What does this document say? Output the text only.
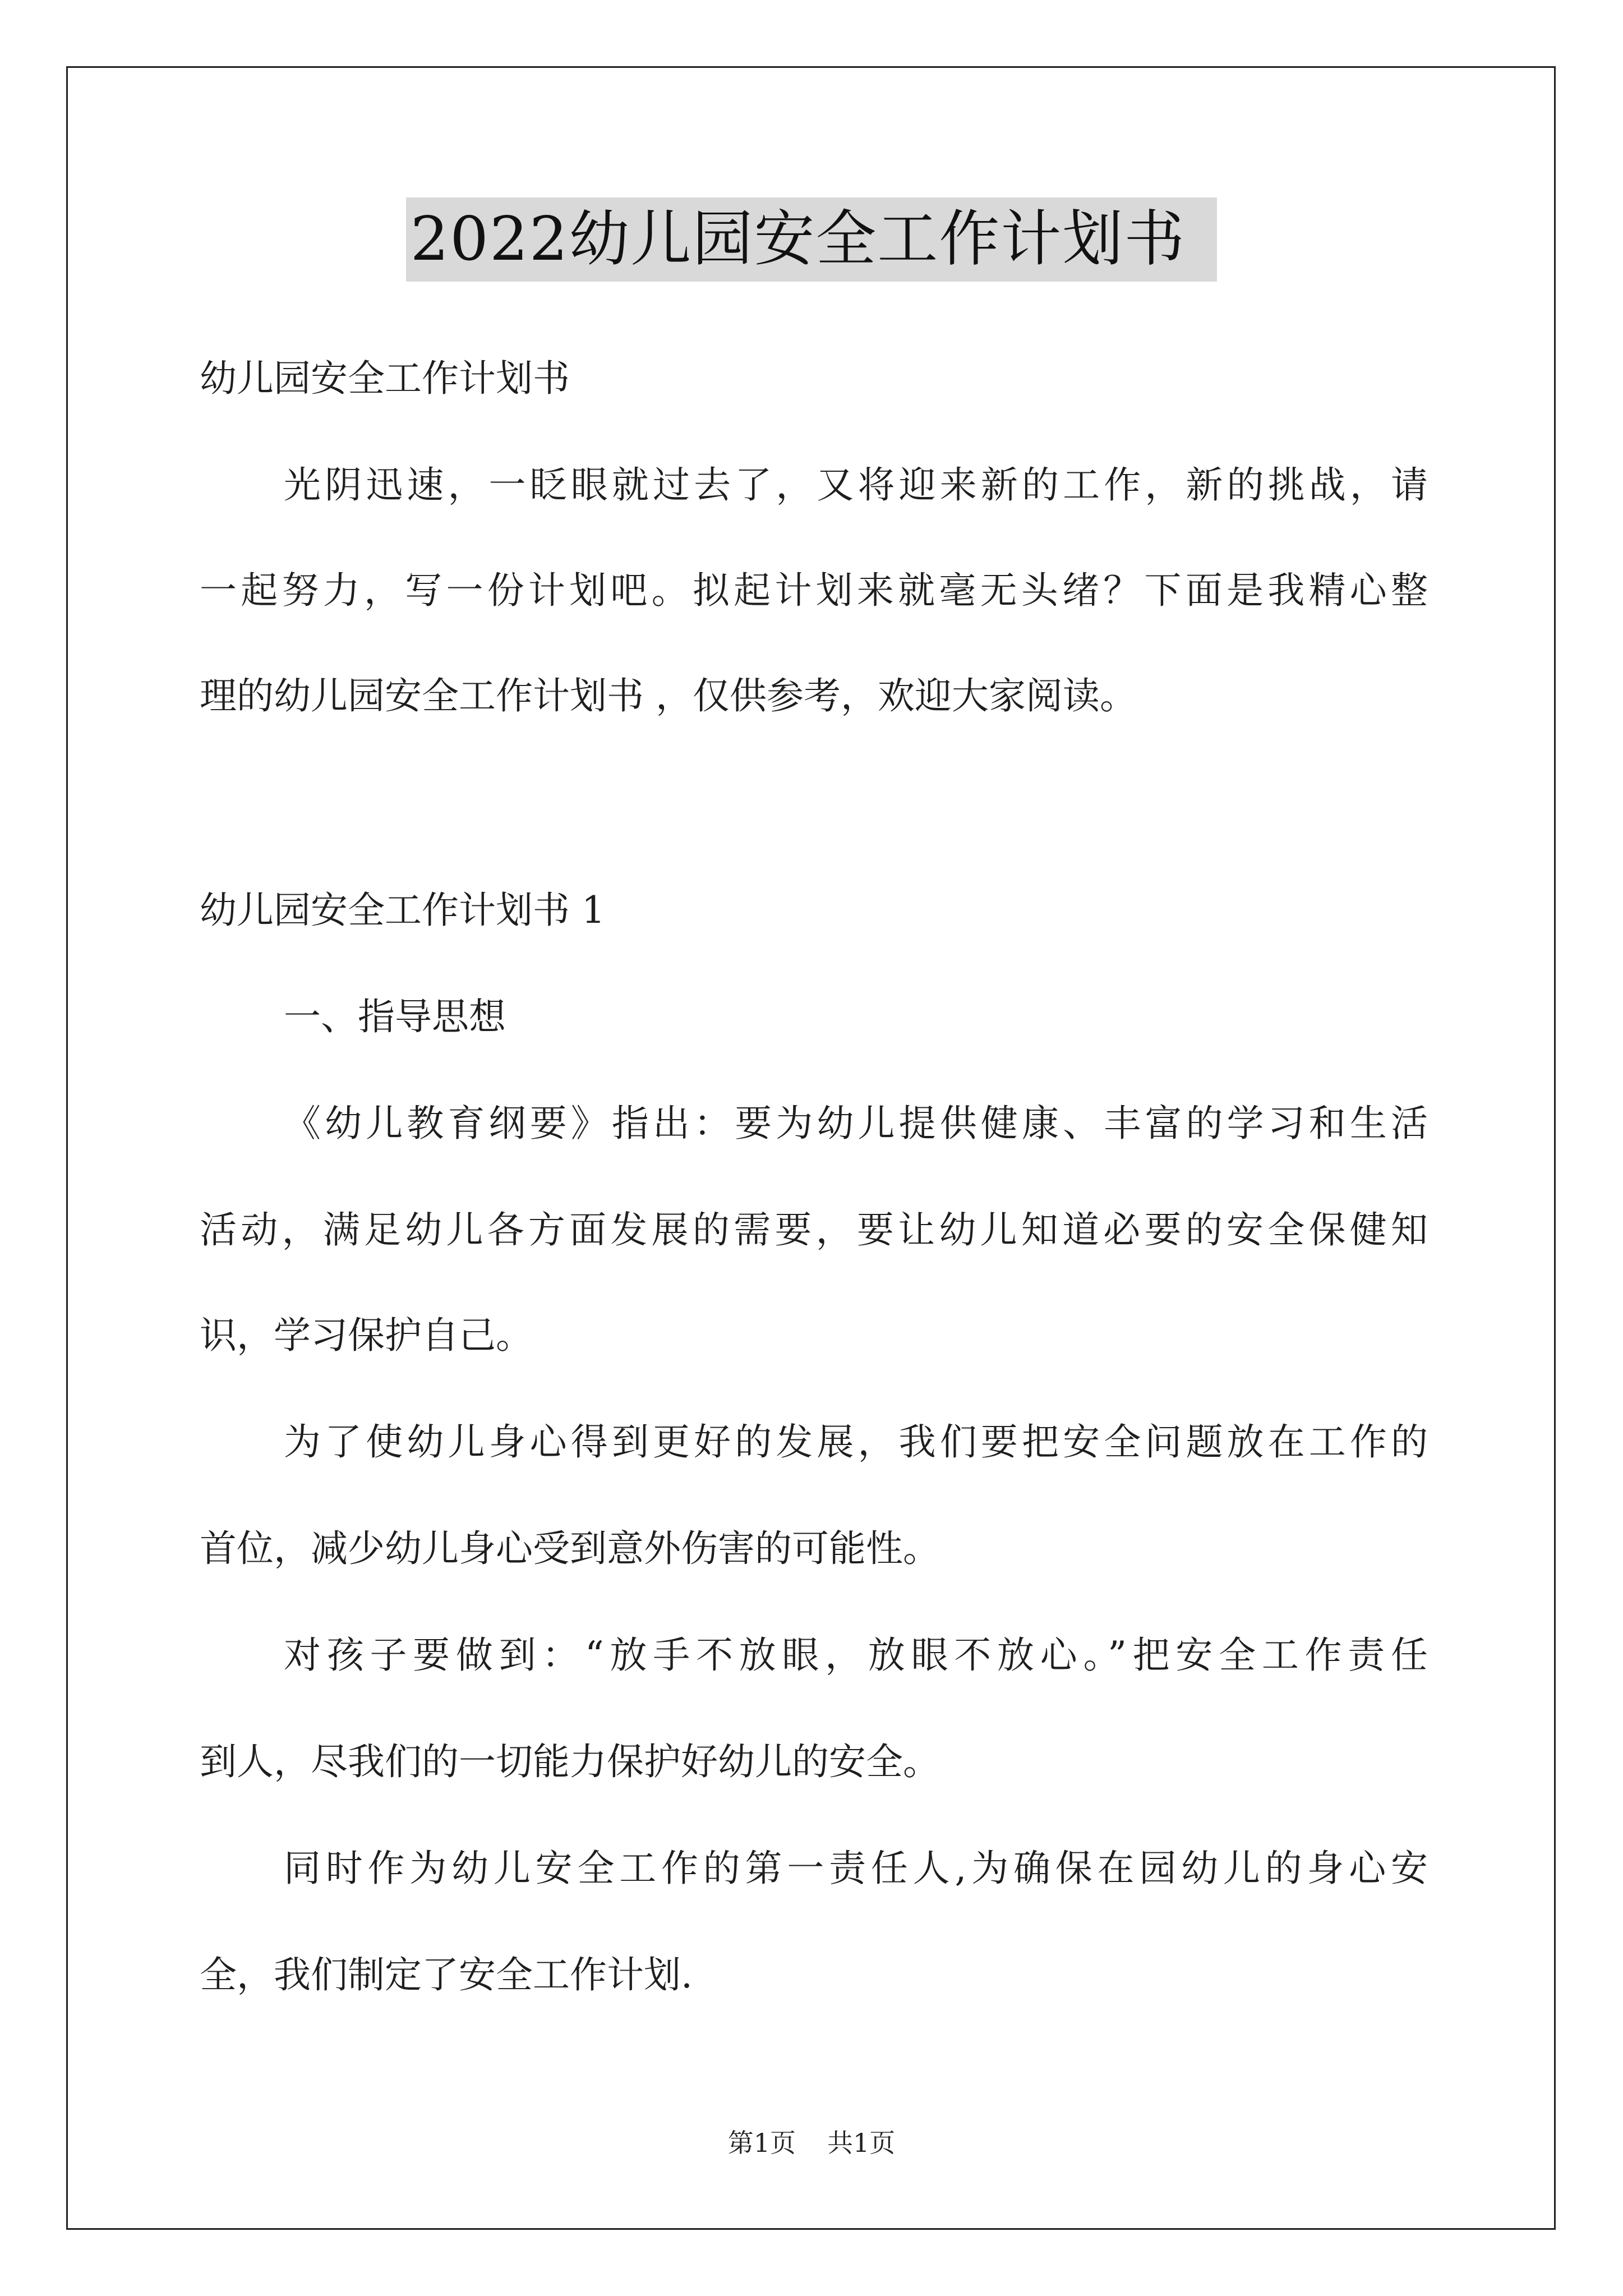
2022幼儿园安全工作计划书
幼儿园安全工作计划书
光阴迅速，一眨眼就过去了，又将迎来新的工作，新的挑战，请
一起努力，写一份计划吧。拟起计划来就毫无头绪？下面是我精心整
理的幼儿园安全工作计划书 ，仅供参考，欢迎大家阅读。
幼儿园安全工作计划书 1
一、指导思想
《幼儿教育纲要》指出：要为幼儿提供健康、丰富的学习和生活
活动，满足幼儿各方面发展的需要，要让幼儿知道必要的安全保健知
识，学习保护自己。
为了使幼儿身心得到更好的发展，我们要把安全问题放在工作的
首位，减少幼儿身心受到意外伤害的可能性。
对孩子要做到：“放手不放眼，放眼不放心。”把安全工作责任
到人，尽我们的一切能力保护好幼儿的安全。
同时作为幼儿安全工作的第一责任人,为确保在园幼儿的身心安
全，我们制定了安全工作计划.
第1页 共1页
